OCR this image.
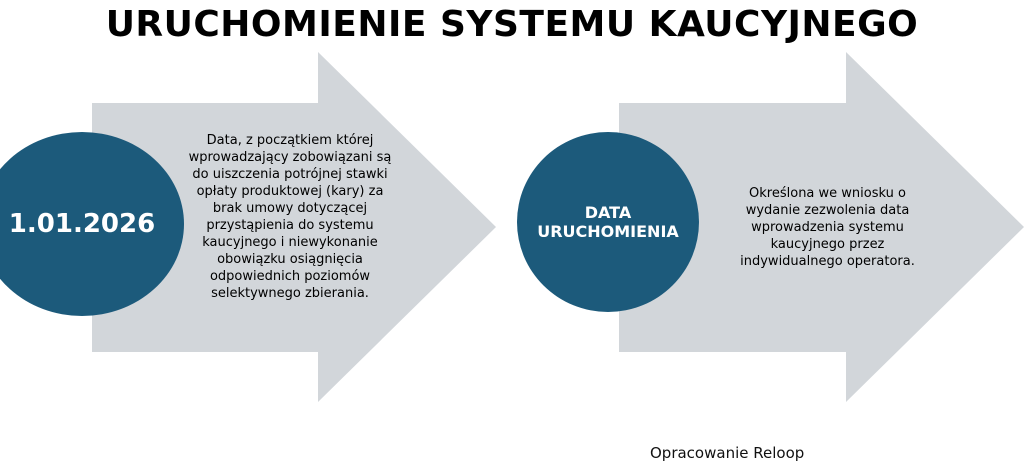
URUCHOMIENIE SYSTEMU KAUCYJNEGO
1.01.2026
Data, z początkiem której wprowadzający zobowiązani są do uiszczenia potrójnej stawki opłaty produktowej (kary) za brak umowy dotyczącej przystąpienia do systemu kaucyjnego i niewykonanie obowiązku osiągnięcia odpowiednich poziomów selektywnego zbierania.
DATA URUCHOMIENIA
Określona we wniosku o wydanie zezwolenia data wprowadzenia systemu kaucyjnego przez indywidualnego operatora.
Opracowanie Reloop
